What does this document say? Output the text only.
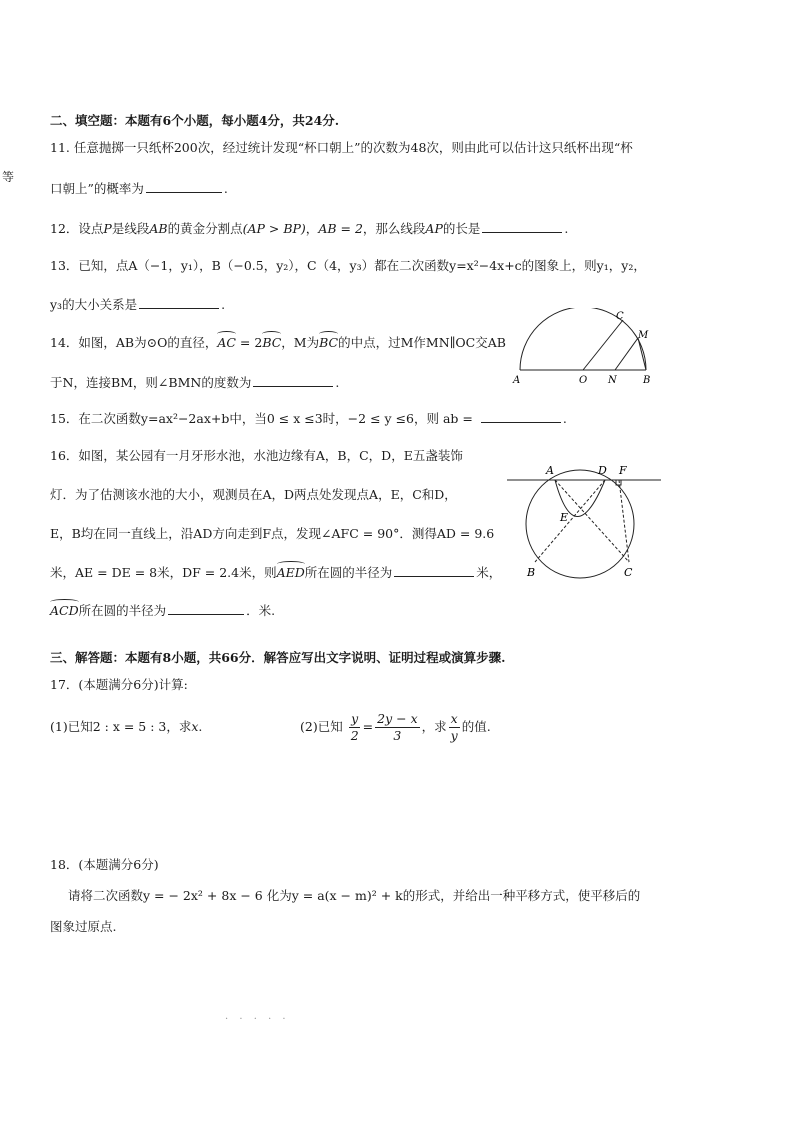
等
二、填空题：本题有6个小题，每小题4分，共24分.
11. 任意抛掷一只纸杯200次，经过统计发现“杯口朝上”的次数为48次，则由此可以估计这只纸杯出现“杯
口朝上”的概率为	.
12．设点P是线段AB的黄金分割点(AP > BP)，AB = 2，那么线段AP的长是	.
13．已知，点A（−1，y₁），B（−0.5，y₂），C（4，y₃）都在二次函数y=x²−4x+c的图象上，则y₁，y₂，
y₃的大小关系是	.
14．如图，AB为⊙O的直径，AC = 2BC，M为BC的中点，过M作MN∥OC交AB
于N，连接BM，则∠BMN的度数为	.	A	O N	B
C
M
15．在二次函数y=ax²−2ax+b中，当0 ≤ x ≤3时，−2 ≤ y ≤6，则 ab =	.
16．如图，某公园有一月牙形水池，水池边缘有A，B，C，D，E五盏装饰
灯．为了估测该水池的大小，观测员在A，D两点处发现点A，E，C和D，
E，B均在同一直线上，沿AD方向走到F点，发现∠AFC = 90°．测得AD = 9.6
米，AE = DE = 8米，DF = 2.4米，则AED所在圆的半径为	米，
ACD所在圆的半径为	．米.
A	D F
E
B	C
三、解答题：本题有8小题，共66分．解答应写出文字说明、证明过程或演算步骤.
17．(本题满分6分)计算:
(1)已知2 : x = 5 : 3，求x.	(2)已知 $\frac{y}{2} = \frac{2y - x}{3}$ ，求 $\frac{x}{y}$ 的值.
18．(本题满分6分)
请将二次函数y = − 2x² + 8x − 6 化为y = a(x − m)² + k的形式，并给出一种平移方式，使平移后的
图象过原点.
· · · · ·
